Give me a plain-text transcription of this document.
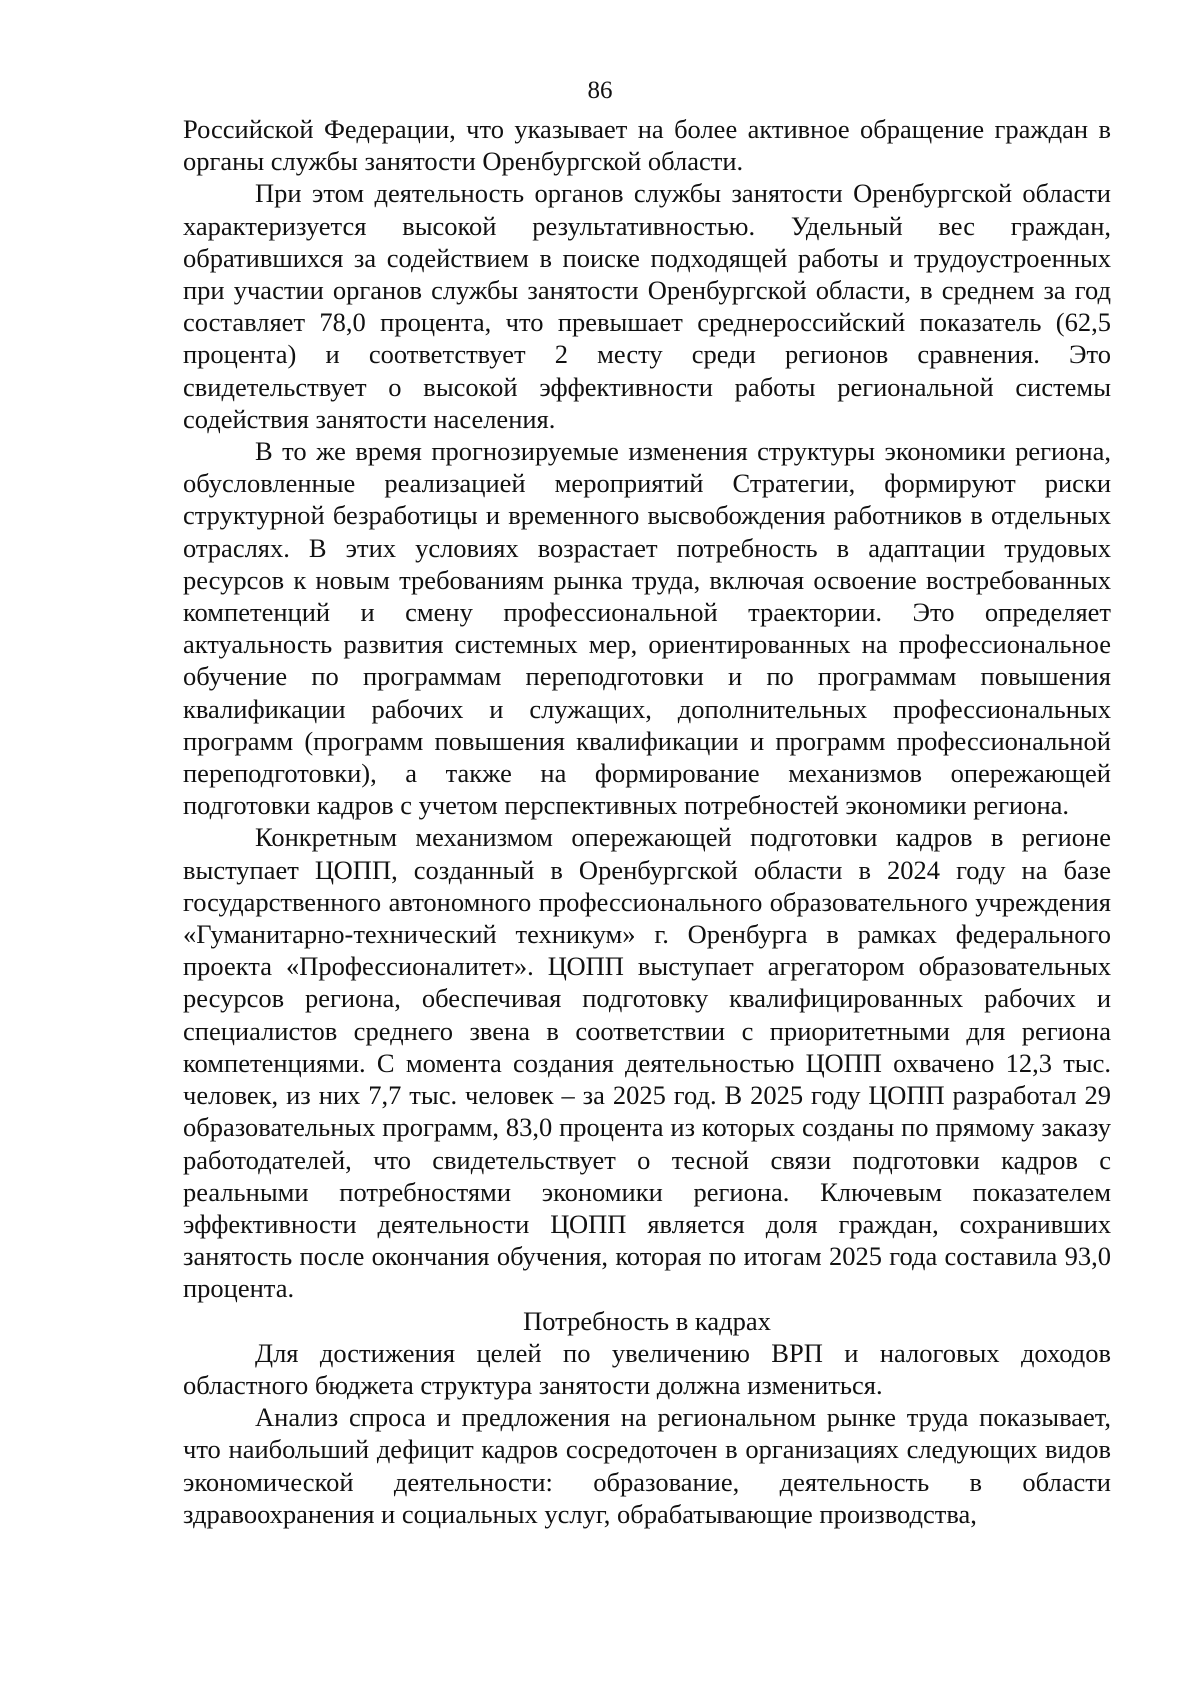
86

Российской Федерации, что указывает на более активное обращение граждан в органы службы занятости Оренбургской области.

При этом деятельность органов службы занятости Оренбургской области характеризуется высокой результативностью. Удельный вес граждан, обратившихся за содействием в поиске подходящей работы и трудоустроенных при участии органов службы занятости Оренбургской области, в среднем за год составляет 78,0 процента, что превышает среднероссийский показатель (62,5 процента) и соответствует 2 месту среди регионов сравнения. Это свидетельствует о высокой эффективности работы региональной системы содействия занятости населения.

В то же время прогнозируемые изменения структуры экономики региона, обусловленные реализацией мероприятий Стратегии, формируют риски структурной безработицы и временного высвобождения работников в отдельных отраслях. В этих условиях возрастает потребность в адаптации трудовых ресурсов к новым требованиям рынка труда, включая освоение востребованных компетенций и смену профессиональной траектории. Это определяет актуальность развития системных мер, ориентированных на профессиональное обучение по программам переподготовки и по программам повышения квалификации рабочих и служащих, дополнительных профессиональных программ (программ повышения квалификации и программ профессиональной переподготовки), а также на формирование механизмов опережающей подготовки кадров с учетом перспективных потребностей экономики региона.

Конкретным механизмом опережающей подготовки кадров в регионе выступает ЦОПП, созданный в Оренбургской области в 2024 году на базе государственного автономного профессионального образовательного учреждения «Гуманитарно-технический техникум» г. Оренбурга в рамках федерального проекта «Профессионалитет». ЦОПП выступает агрегатором образовательных ресурсов региона, обеспечивая подготовку квалифицированных рабочих и специалистов среднего звена в соответствии с приоритетными для региона компетенциями. С момента создания деятельностью ЦОПП охвачено 12,3 тыс. человек, из них 7,7 тыс. человек – за 2025 год. В 2025 году ЦОПП разработал 29 образовательных программ, 83,0 процента из которых созданы по прямому заказу работодателей, что свидетельствует о тесной связи подготовки кадров с реальными потребностями экономики региона. Ключевым показателем эффективности деятельности ЦОПП является доля граждан, сохранивших занятость после окончания обучения, которая по итогам 2025 года составила 93,0 процента.

Потребность в кадрах

Для достижения целей по увеличению ВРП и налоговых доходов областного бюджета структура занятости должна измениться.

Анализ спроса и предложения на региональном рынке труда показывает, что наибольший дефицит кадров сосредоточен в организациях следующих видов экономической деятельности: образование, деятельность в области здравоохранения и социальных услуг, обрабатывающие производства,
